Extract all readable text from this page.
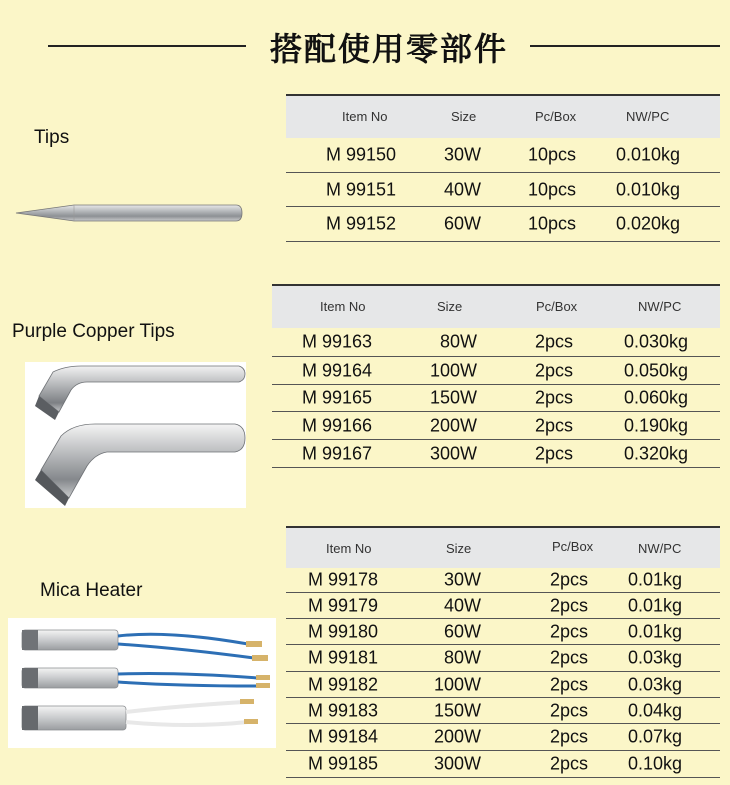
搭配使用零部件
Tips
Item No	Size	Pc/Box	NW/PC
M 99150	30W	10pcs 0.010kg
M 99151	40W	10pcs 0.010kg
M 99152	60W	10pcs 0.020kg
Purple Copper Tips
Item No	Size	Pc/Box	NW/PC
M 99163	80W	2pcs	0.030kg
M 99164	100W	2pcs	0.050kg
M 99165	150W	2pcs	0.060kg
M 99166	200W	2pcs	0.190kg
M 99167	300W	2pcs	0.320kg
Mica Heater
Item No	Size	Pc/Box	NW/PC
M 99178	30W	2pcs 0.01kg
M 99179	40W	2pcs 0.01kg
M 99180	60W	2pcs 0.01kg
M 99181	80W	2pcs 0.03kg
M 99182	100W	2pcs 0.03kg
M 99183	150W	2pcs 0.04kg
M 99184	200W	2pcs 0.07kg
M 99185	300W	2pcs 0.10kg
